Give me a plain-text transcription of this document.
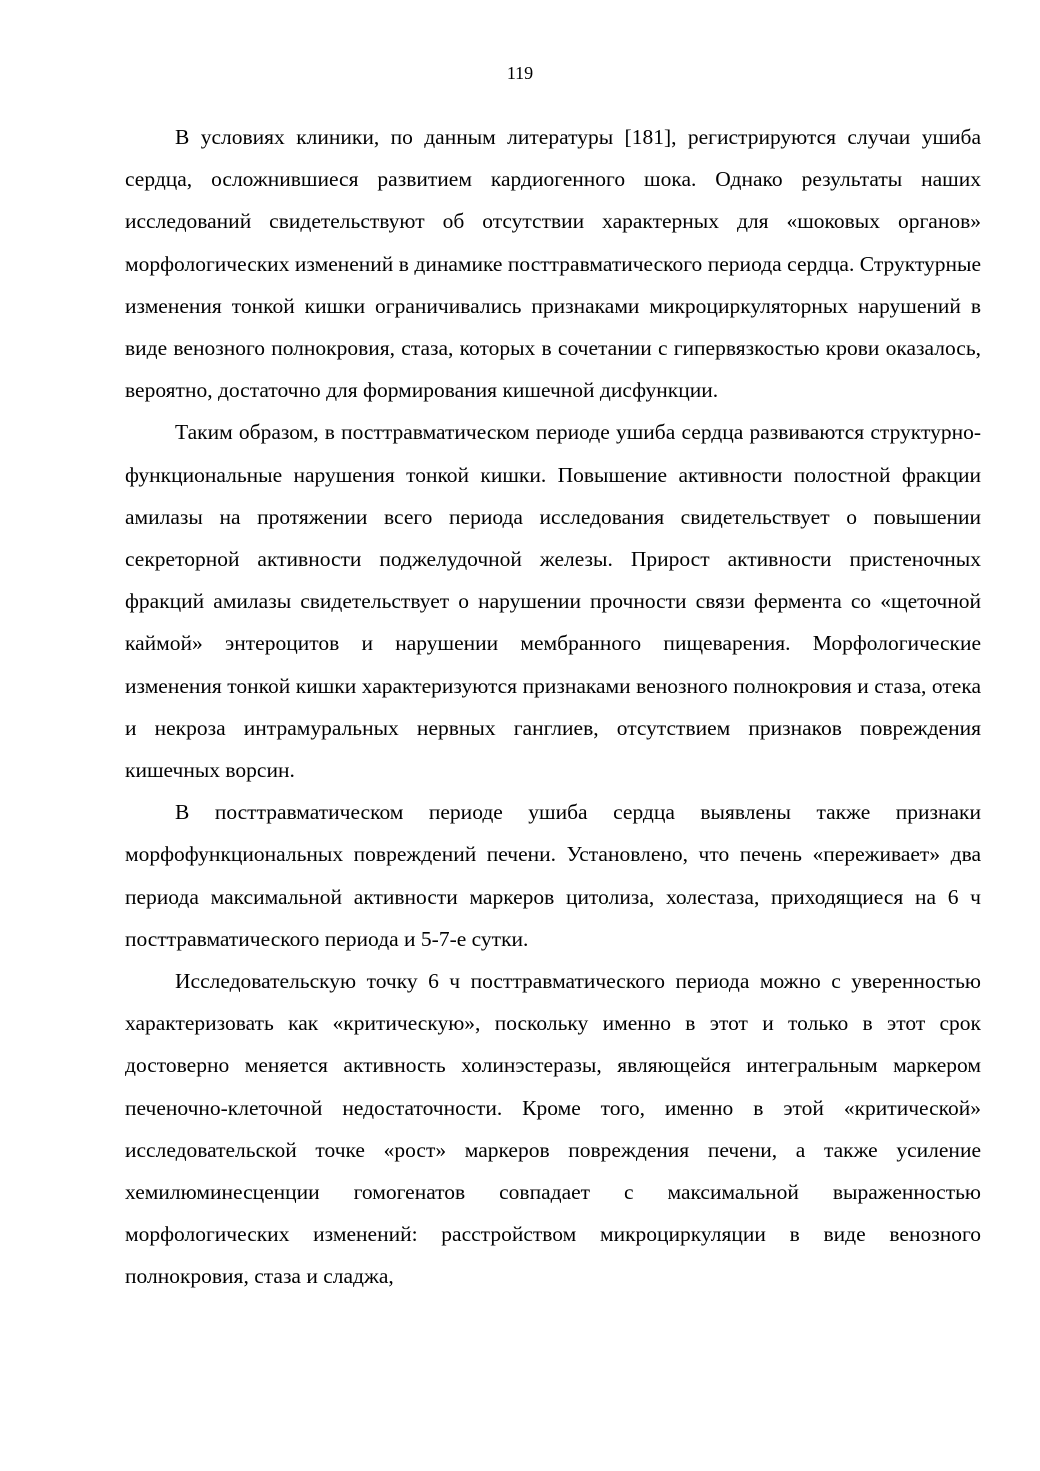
119

В условиях клиники, по данным литературы [181], регистрируются случаи ушиба сердца, осложнившиеся развитием кардиогенного шока. Однако результаты наших исследований свидетельствуют об отсутствии характерных для «шоковых органов» морфологических изменений в динамике посттравматического периода сердца. Структурные изменения тонкой кишки ограничивались признаками микроциркуляторных нарушений в виде венозного полнокровия, стаза, которых в сочетании с гипервязкостью крови оказалось, вероятно, достаточно для формирования кишечной дисфункции.

Таким образом, в посттравматическом периоде ушиба сердца развиваются структурно-функциональные нарушения тонкой кишки. Повышение активности полостной фракции амилазы на протяжении всего периода исследования свидетельствует о повышении секреторной активности поджелудочной железы. Прирост активности пристеночных фракций амилазы свидетельствует о нарушении прочности связи фермента со «щеточной каймой» энтероцитов и нарушении мембранного пищеварения. Морфологические изменения тонкой кишки характеризуются признаками венозного полнокровия и стаза, отека и некроза интрамуральных нервных ганглиев, отсутствием признаков повреждения кишечных ворсин.

В посттравматическом периоде ушиба сердца выявлены также признаки морфофункциональных повреждений печени. Установлено, что печень «переживает» два периода максимальной активности маркеров цитолиза, холестаза, приходящиеся на 6 ч посттравматического периода и 5-7-е сутки.

Исследовательскую точку 6 ч посттравматического периода можно с уверенностью характеризовать как «критическую», поскольку именно в этот и только в этот срок достоверно меняется активность холинэстеразы, являющейся интегральным маркером печеночно-клеточной недостаточности. Кроме того, именно в этой «критической» исследовательской точке «рост» маркеров повреждения печени, а также усиление хемилюминесценции гомогенатов совпадает с максимальной выраженностью морфологических изменений: расстройством микроциркуляции в виде венозного полнокровия, стаза и сладжа,
